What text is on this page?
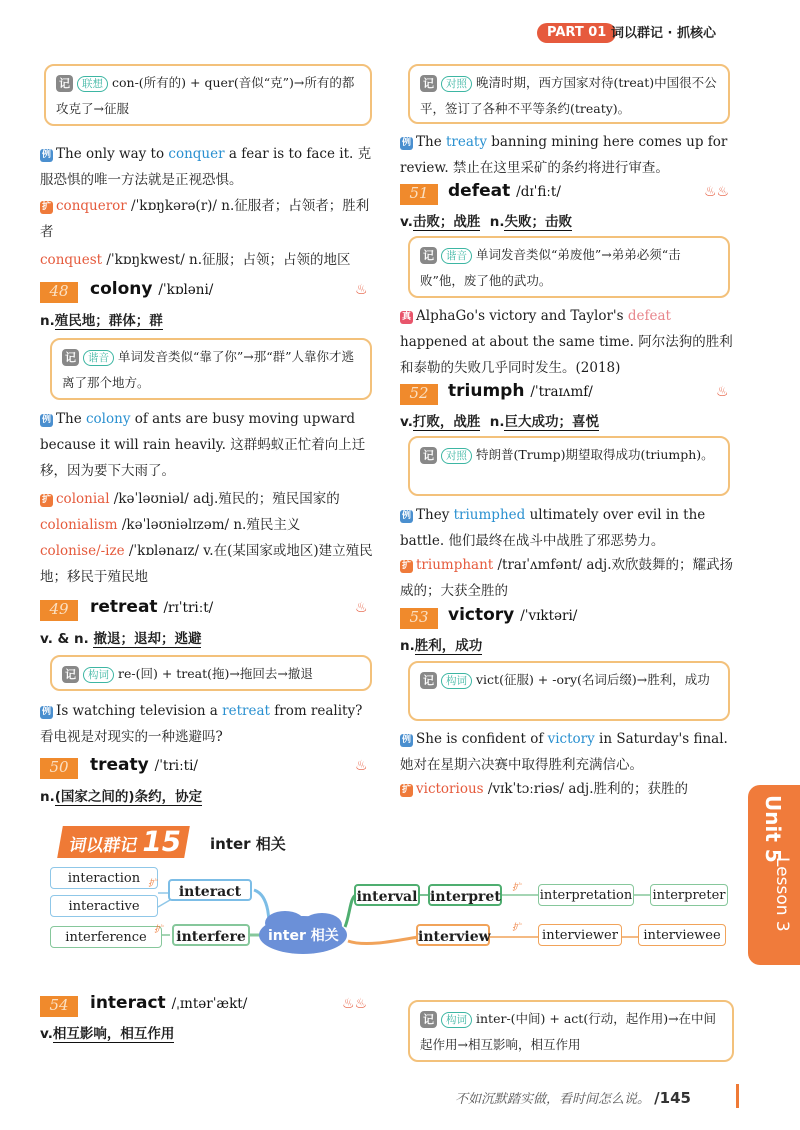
PART 01 词以群记 · 抓核心
记 联想 con-(所有的) + quer(音似“克”)→所有的都攻克了→征服
例 The only way to conquer a fear is to face it. 克服恐惧的唯一方法就是正视恐惧。
扩 conqueror /ˈkɒŋkərə(r)/ n.征服者；占领者；胜利者
conquest /ˈkɒŋkwest/ n.征服；占领；占领的地区
48	colony /ˈkɒləni/	♨
n.殖民地；群体；群
记 谐音 单词发音类似“靠了你”→那“群”人靠你才逃离了那个地方。
例 The colony of ants are busy moving upward because it will rain heavily. 这群蚂蚁正忙着向上迁移，因为要下大雨了。
扩 colonial /kəˈləʊniəl/ adj.殖民的；殖民国家的
colonialism /kəˈləʊniəlɪzəm/ n.殖民主义
colonise/-ize /ˈkɒlənaɪz/ v.在(某国家或地区)建立殖民地；移民于殖民地
49	retreat /rɪˈtriːt/	♨
v. & n. 撤退；退却；逃避
记 构词 re-(回) + treat(拖)→拖回去→撤退
例 Is watching television a retreat from reality? 看电视是对现实的一种逃避吗?
50	treaty /ˈtriːti/	♨
n.(国家之间的)条约，协定
记 对照 晚清时期，西方国家对待(treat)中国很不公平，签订了各种不平等条约(treaty)。
例 The treaty banning mining here comes up for review. 禁止在这里采矿的条约将进行审查。
51	defeat /dɪˈfiːt/	♨♨
v.击败；战胜 n.失败；击败
记 谐音 单词发音类似“弟废他”→弟弟必须“击败”他，废了他的武功。
真 AlphaGo's victory and Taylor's defeat happened at about the same time. 阿尔法狗的胜利和泰勒的失败几乎同时发生。(2018)
52	triumph /ˈtraɪʌmf/	♨
v.打败，战胜 n.巨大成功；喜悦
记 对照 特朗普(Trump)期望取得成功(triumph)。
例 They triumphed ultimately over evil in the battle. 他们最终在战斗中战胜了邪恶势力。
扩 triumphant /traɪˈʌmfənt/ adj.欢欣鼓舞的；耀武扬威的；大获全胜的
53	victory /ˈvɪktəri/
n.胜利，成功
记 构词 vict(征服) + -ory(名词后缀)→胜利，成功
例 She is confident of victory in Saturday's final. 她对在星期六决赛中取得胜利充满信心。
扩 victorious /vɪkˈtɔːriəs/ adj.胜利的；获胜的
Unit 5
Lesson 3
词以群记15	inter 相关
inter 相关
interaction
interactive
扩	interact
interference 扩 interfere
interval interpret
扩 interpretation interpreter
interview
扩	interviewer	interviewee
54	interact /ˌɪntərˈækt/	♨♨
v.相互影响，相互作用
记 构词 inter-(中间) + act(行动，起作用)→在中间起作用→相互影响，相互作用
不如沉默踏实做，看时间怎么说。 /145
